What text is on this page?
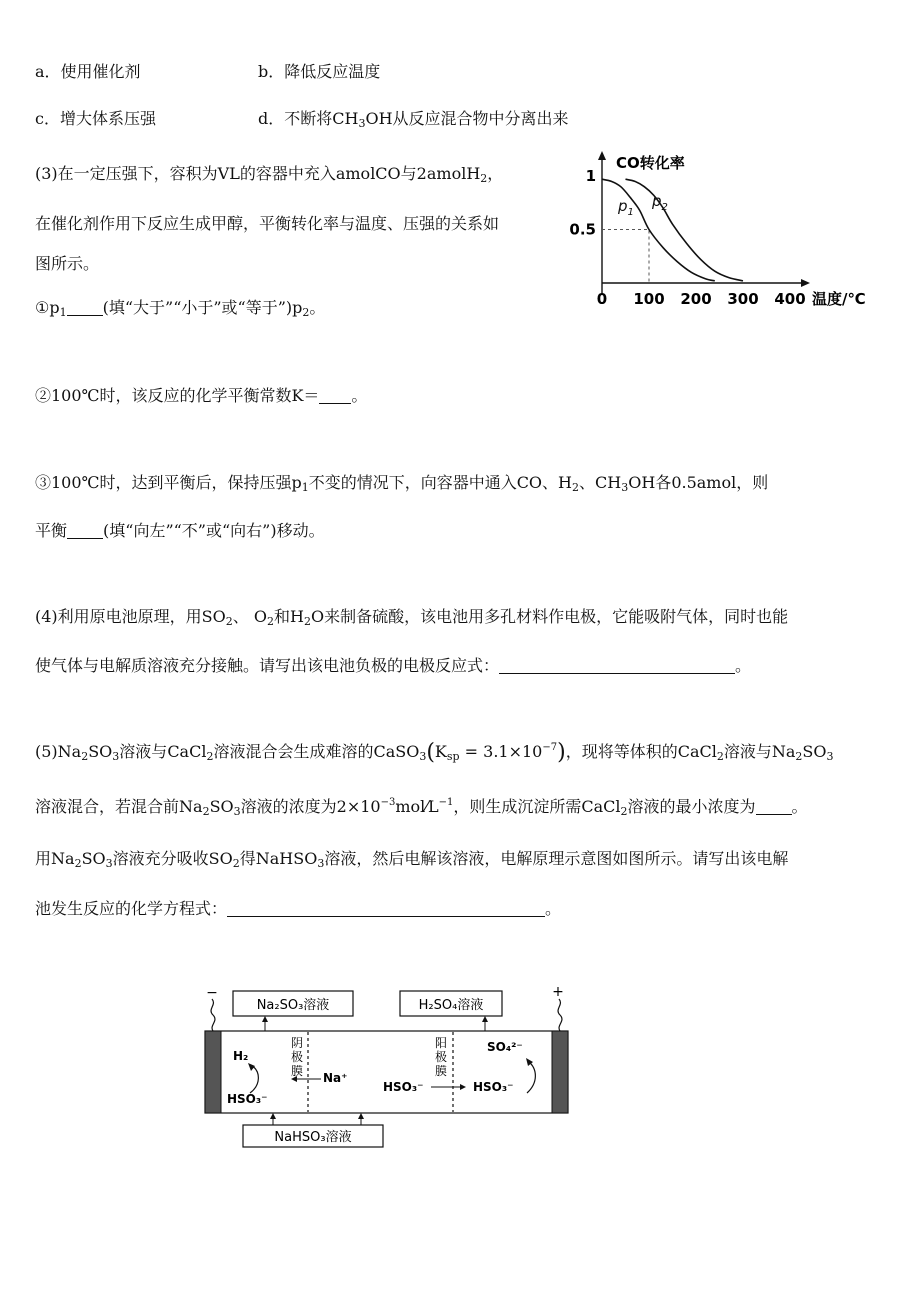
a．使用催化剂	b．降低反应温度
c．增大体系压强	d．不断将$CH_3OH$从反应混合物中分离出来
(3)在一定压强下，容积为VL的容器中充入amolCO与2amolH$_2$，
在催化剂作用下反应生成甲醇，平衡转化率与温度、压强的关系如
图所示。
$①p_1$ (填“大于”“小于”或“等于$”)p_2$。
②100℃时，该反应的化学平衡常数K＝ 。
③100℃时，达到平衡后，保持压强$p_1$不变的情况下，向容器中通入CO、$H_2$、$CH_3OH$各0.5amol，则
平衡 (填“向左”“不”或“向右”)移动。
CO转化率
温度/℃
0 100 200 300 400
0.5
1
$p_1$
$p_2$
(4)利用原电池原理，用$SO_2$、 $O_2$和$H_2O$来制备硫酸，该电池用多孔材料作电极，它能吸附气体，同时也能
使气体与电解质溶液充分接触。请写出该电池负极的电极反应式：	。
$(5)Na_2SO_3$溶液与CaCl$_2$溶液混合会生成难溶的$CaSO_3(K_{sp} = 3.1\times 10^{-7})$，现将等体积的CaCl$_2$溶液与$Na_2SO_3$
溶液混合，若混合前$Na_2SO_3$溶液的浓度为$2\times 10^{-3}mol⁄L^{-1}$，则生成沉淀所需CaCl$_2$溶液的最小浓度为 。
用$Na_2SO_3$溶液充分吸收$SO_2$得NaHSO$_3$溶液，然后电解该溶液，电解原理示意图如图所示。请写出该电解
池发生反应的化学方程式：	。
Na₂SO₃溶液	H₂SO₄溶液
−	+
阴
极
膜
阳
极
膜
H₂
HSO₃⁻
Na⁺
HSO₃⁻	HSO₃⁻
SO₄²⁻
NaHSO₃溶液
